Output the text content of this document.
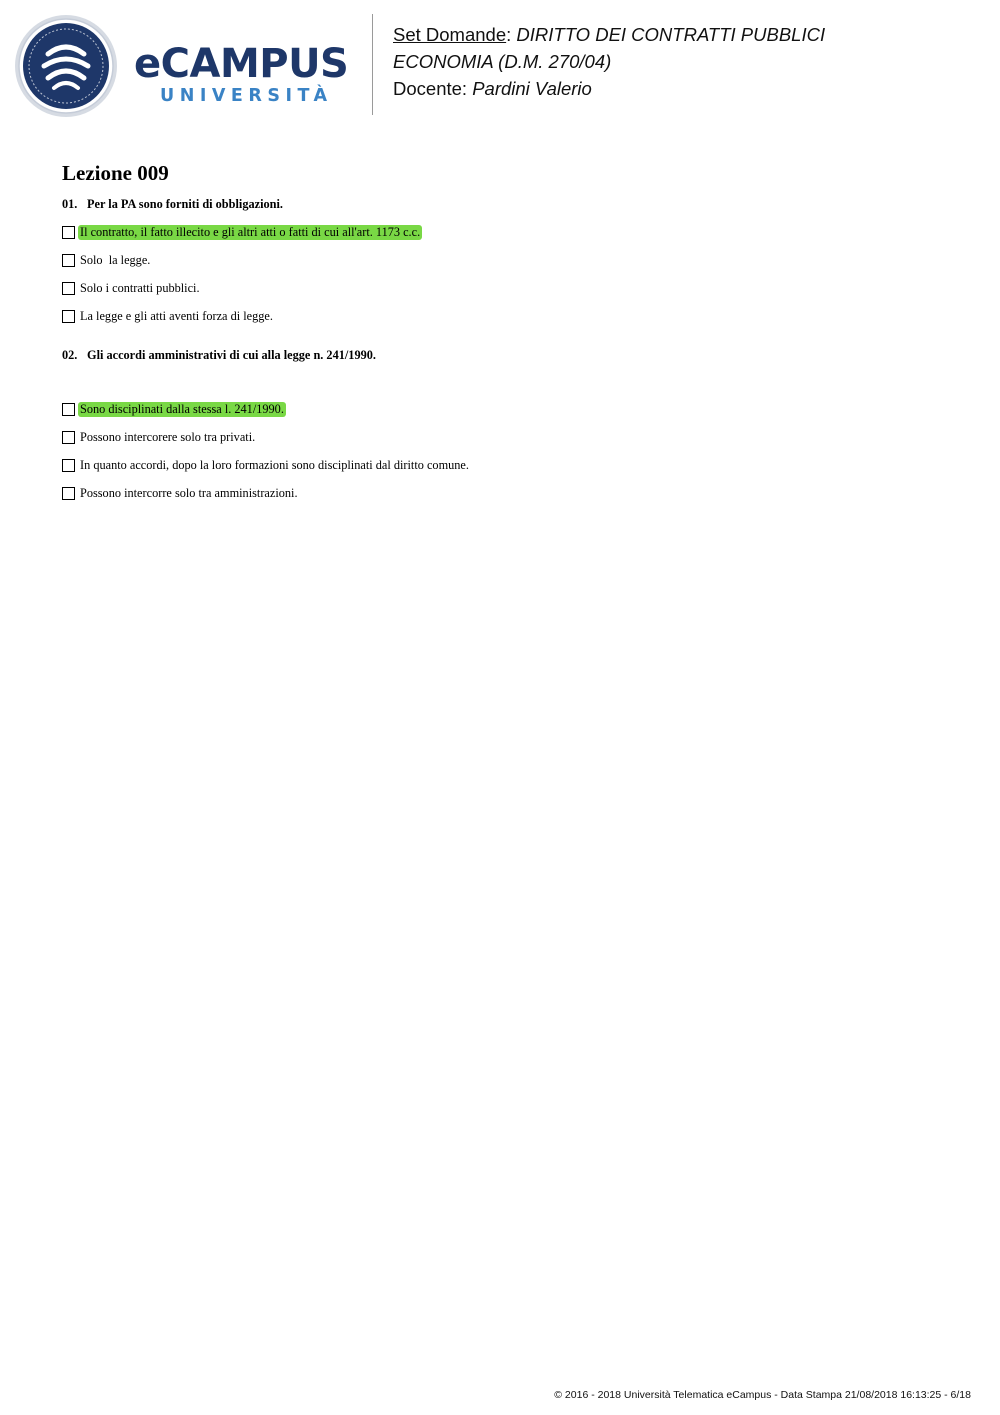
eCAMPUS
UNIVERSITÀ
Set Domande: DIRITTO DEI CONTRATTI PUBBLICI
ECONOMIA (D.M. 270/04)
Docente: Pardini Valerio
Lezione 009
01. Per la PA sono forniti di obbligazioni.
Il contratto, il fatto illecito e gli altri atti o fatti di cui all'art. 1173 c.c.
Solo  la legge.
Solo i contratti pubblici.
La legge e gli atti aventi forza di legge.
02. Gli accordi amministrativi di cui alla legge n. 241/1990.
Sono disciplinati dalla stessa l. 241/1990.
Possono intercorere solo tra privati.
In quanto accordi, dopo la loro formazioni sono disciplinati dal diritto comune.
Possono intercorre solo tra amministrazioni.
© 2016 - 2018 Università Telematica eCampus - Data Stampa 21/08/2018 16:13:25 - 6/18
